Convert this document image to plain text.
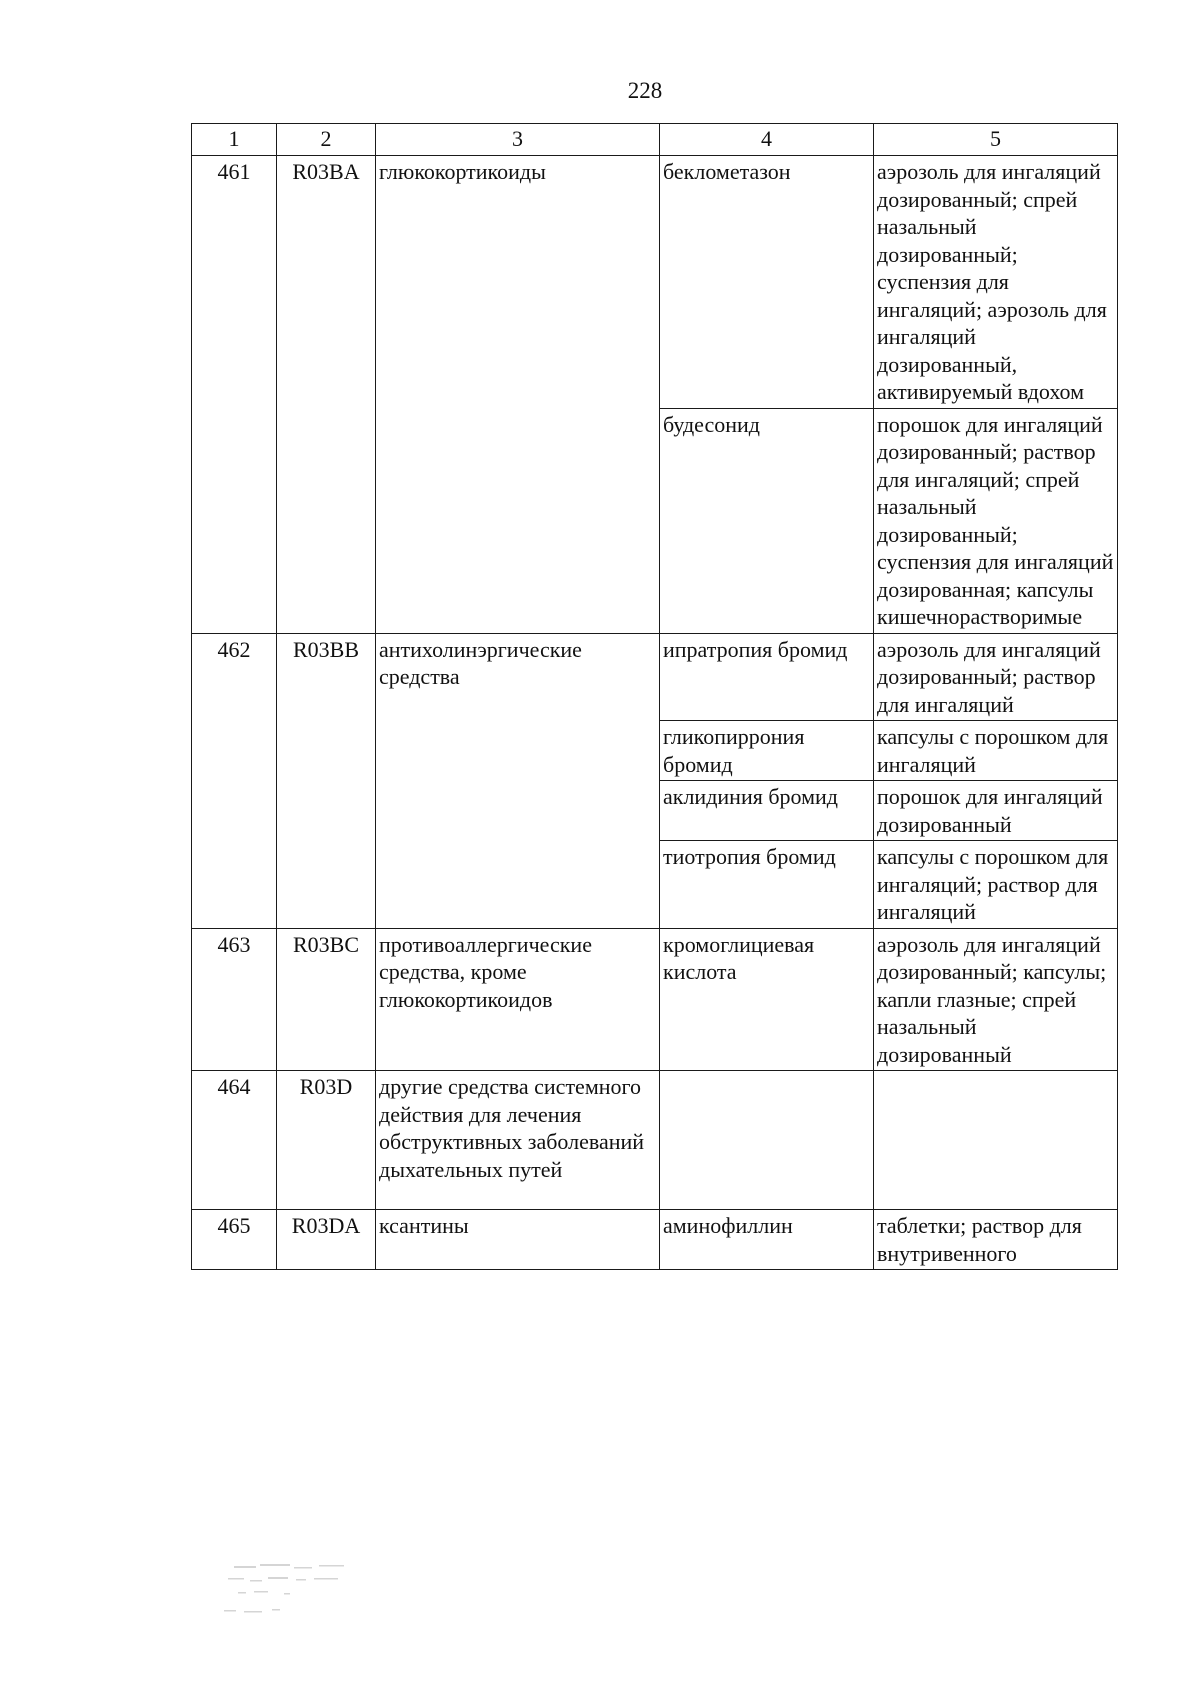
228
1	2	3	4	5
461	R03BA	глюкокортикоиды	беклометазон	аэрозоль для ингаляций дозированный; спрей назальный дозированный; суспензия для ингаляций; аэрозоль для ингаляций дозированный, активируемый вдохом
			будесонид	порошок для ингаляций дозированный; раствор для ингаляций; спрей назальный дозированный; суспензия для ингаляций дозированная; капсулы кишечнорастворимые
462	R03BB	антихолинэргические средства	ипратропия бромид	аэрозоль для ингаляций дозированный; раствор для ингаляций
			гликопиррония бромид	капсулы с порошком для ингаляций
			аклидиния бромид	порошок для ингаляций дозированный
			тиотропия бромид	капсулы с порошком для ингаляций; раствор для ингаляций
463	R03BC	противоаллергические средства, кроме глюкокортикоидов	кромоглициевая кислота	аэрозоль для ингаляций дозированный; капсулы; капли глазные; спрей назальный дозированный
464	R03D	другие средства системного действия для лечения обструктивных заболеваний дыхательных путей		
465	R03DA	ксантины	аминофиллин	таблетки; раствор для внутривенного
